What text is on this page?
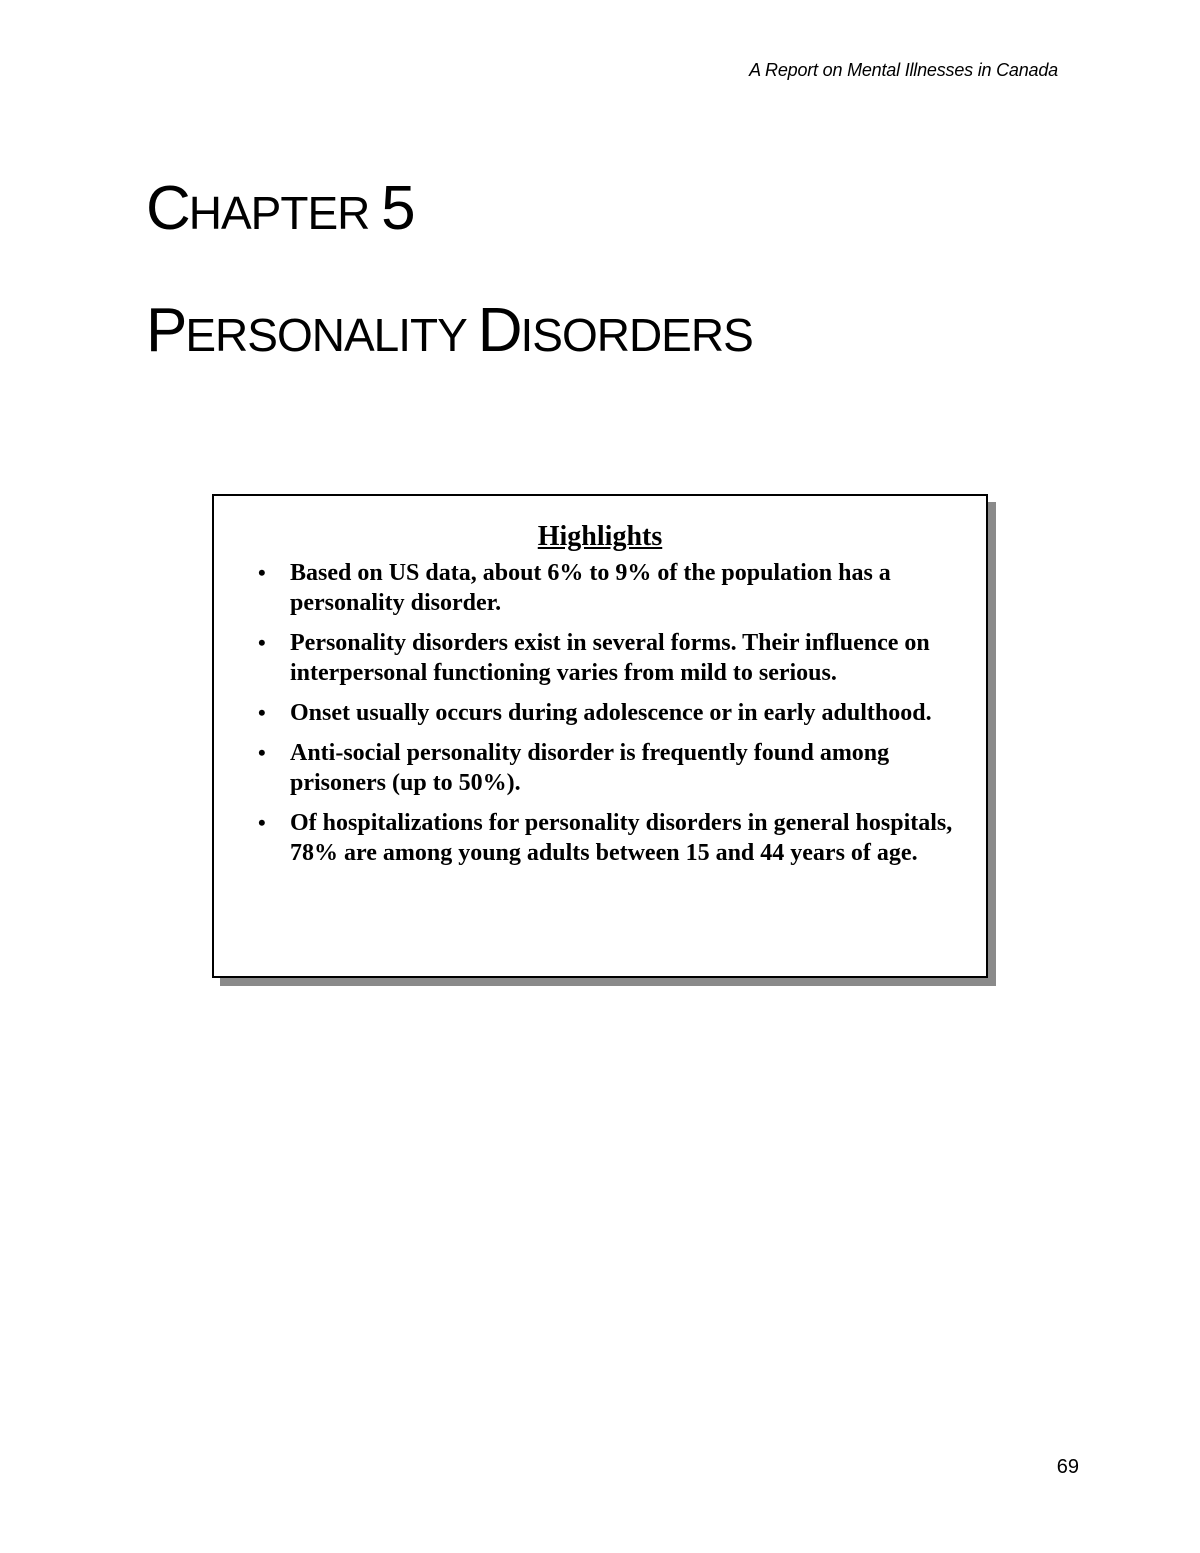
A Report on Mental Illnesses in Canada
CHAPTER 5
PERSONALITY DISORDERS
Highlights
• Based on US data, about 6% to 9% of the population has a personality disorder.
• Personality disorders exist in several forms. Their influence on interpersonal functioning varies from mild to serious.
• Onset usually occurs during adolescence or in early adulthood.
• Anti-social personality disorder is frequently found among prisoners (up to 50%).
• Of hospitalizations for personality disorders in general hospitals, 78% are among young adults between 15 and 44 years of age.
69
